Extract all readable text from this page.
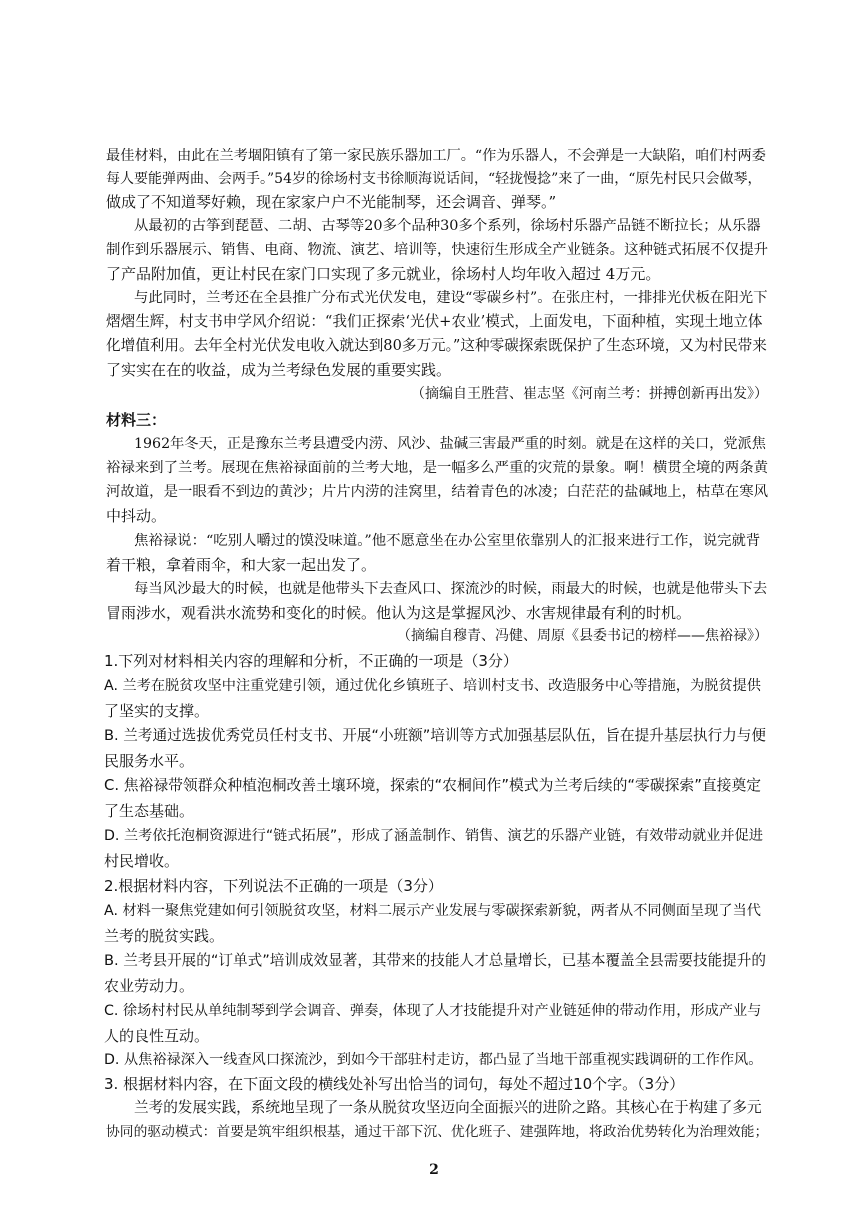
最佳材料，由此在兰考堌阳镇有了第一家民族乐器加工厂。“作为乐器人，不会弹是一大缺陷，咱们村两委
每人要能弹两曲、会两手。”54岁的徐场村支书徐顺海说话间，“轻拢慢捻”来了一曲，“原先村民只会做琴，
做成了不知道琴好赖，现在家家户户不光能制琴，还会调音、弹琴。”
从最初的古筝到琵琶、二胡、古琴等20多个品种30多个系列，徐场村乐器产品链不断拉长；从乐器
制作到乐器展示、销售、电商、物流、演艺、培训等，快速衍生形成全产业链条。这种链式拓展不仅提升
了产品附加值，更让村民在家门口实现了多元就业，徐场村人均年收入超过 4万元。
与此同时，兰考还在全县推广分布式光伏发电，建设“零碳乡村”。在张庄村，一排排光伏板在阳光下
熠熠生辉，村支书申学风介绍说：“我们正探索‘光伏+农业’模式，上面发电，下面种植，实现土地立体
化增值利用。去年全村光伏发电收入就达到80多万元。”这种零碳探索既保护了生态环境，又为村民带来
了实实在在的收益，成为兰考绿色发展的重要实践。
（摘编自王胜营、崔志坚《河南兰考：拼搏创新再出发》）
材料三：
1962年冬天，正是豫东兰考县遭受内涝、风沙、盐碱三害最严重的时刻。就是在这样的关口，党派焦
裕禄来到了兰考。展现在焦裕禄面前的兰考大地，是一幅多么严重的灾荒的景象。啊！横贯全境的两条黄
河故道，是一眼看不到边的黄沙；片片内涝的洼窝里，结着青色的冰凌；白茫茫的盐碱地上，枯草在寒风
中抖动。
焦裕禄说：“吃别人嚼过的馍没味道。”他不愿意坐在办公室里依靠别人的汇报来进行工作，说完就背
着干粮，拿着雨伞，和大家一起出发了。
每当风沙最大的时候，也就是他带头下去查风口、探流沙的时候，雨最大的时候，也就是他带头下去
冒雨涉水，观看洪水流势和变化的时候。他认为这是掌握风沙、水害规律最有利的时机。
（摘编自穆青、冯健、周原《县委书记的榜样——焦裕禄》）
1.下列对材料相关内容的理解和分析，不正确的一项是（3分）
A. 兰考在脱贫攻坚中注重党建引领，通过优化乡镇班子、培训村支书、改造服务中心等措施，为脱贫提供
了坚实的支撑。
B. 兰考通过选拔优秀党员任村支书、开展“小班额”培训等方式加强基层队伍，旨在提升基层执行力与便
民服务水平。
C. 焦裕禄带领群众种植泡桐改善土壤环境，探索的“农桐间作”模式为兰考后续的“零碳探索”直接奠定
了生态基础。
D. 兰考依托泡桐资源进行“链式拓展”，形成了涵盖制作、销售、演艺的乐器产业链，有效带动就业并促进
村民增收。
2.根据材料内容，下列说法不正确的一项是（3分）
A. 材料一聚焦党建如何引领脱贫攻坚，材料二展示产业发展与零碳探索新貌，两者从不同侧面呈现了当代
兰考的脱贫实践。
B. 兰考县开展的“订单式”培训成效显著，其带来的技能人才总量增长，已基本覆盖全县需要技能提升的
农业劳动力。
C. 徐场村村民从单纯制琴到学会调音、弹奏，体现了人才技能提升对产业链延伸的带动作用，形成产业与
人的良性互动。
D. 从焦裕禄深入一线查风口探流沙，到如今干部驻村走访，都凸显了当地干部重视实践调研的工作作风。
3. 根据材料内容，在下面文段的横线处补写出恰当的词句，每处不超过10个字。（3分）
兰考的发展实践，系统地呈现了一条从脱贫攻坚迈向全面振兴的进阶之路。其核心在于构建了多元
协同的驱动模式：首要是筑牢组织根基，通过干部下沉、优化班子、建强阵地，将政治优势转化为治理效能；
2
